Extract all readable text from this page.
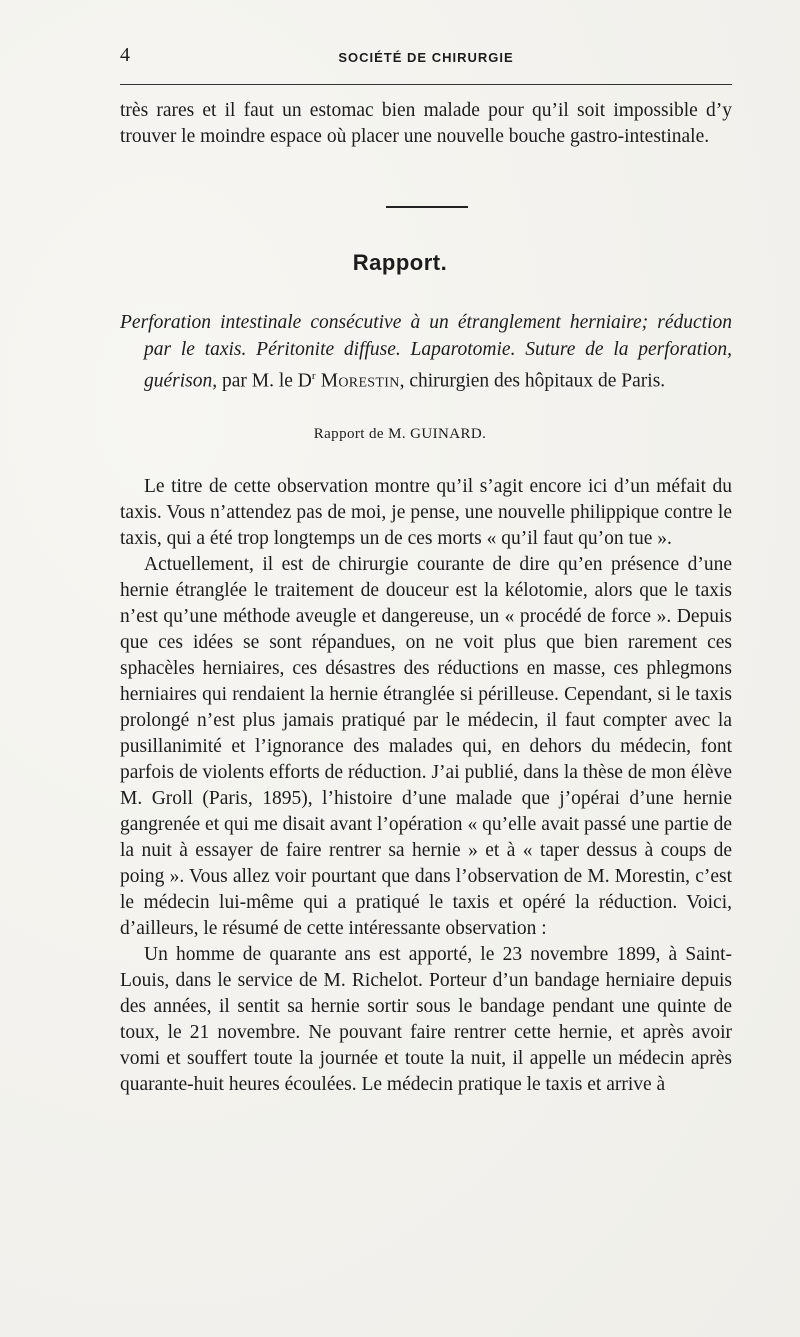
4	SOCIÉTÉ DE CHIRURGIE

très rares et il faut un estomac bien malade pour qu’il soit impossible d’y trouver le moindre espace où placer une nouvelle bouche gastro-intestinale.

Rapport.
Perforation intestinale consécutive à un étranglement herniaire; réduction par le taxis. Péritonite diffuse. Laparotomie. Suture de la perforation, guérison, par M. le $D^r$ Morestin, chirurgien des hôpitaux de Paris.
Rapport de M. GUINARD.

Le titre de cette observation montre qu’il s’agit encore ici d’un méfait du taxis. Vous n’attendez pas de moi, je pense, une nouvelle philippique contre le taxis, qui a été trop longtemps un de ces morts « qu’il faut qu’on tue ».

Actuellement, il est de chirurgie courante de dire qu’en présence d’une hernie étranglée le traitement de douceur est la kélotomie, alors que le taxis n’est qu’une méthode aveugle et dangereuse, un « procédé de force ». Depuis que ces idées se sont répandues, on ne voit plus que bien rarement ces sphacèles herniaires, ces désastres des réductions en masse, ces phlegmons herniaires qui rendaient la hernie étranglée si périlleuse. Cependant, si le taxis prolongé n’est plus jamais pratiqué par le médecin, il faut compter avec la pusillanimité et l’ignorance des malades qui, en dehors du médecin, font parfois de violents efforts de réduction. J’ai publié, dans la thèse de mon élève M. Groll (Paris, 1895), l’histoire d’une malade que j’opérai d’une hernie gangrenée et qui me disait avant l’opération « qu’elle avait passé une partie de la nuit à essayer de faire rentrer sa hernie » et à « taper dessus à coups de poing ». Vous allez voir pourtant que dans l’observation de M. Morestin, c’est le médecin lui-même qui a pratiqué le taxis et opéré la réduction. Voici, d’ailleurs, le résumé de cette intéressante observation :

Un homme de quarante ans est apporté, le 23 novembre 1899, à Saint-Louis, dans le service de M. Richelot. Porteur d’un bandage herniaire depuis des années, il sentit sa hernie sortir sous le bandage pendant une quinte de toux, le 21 novembre. Ne pouvant faire rentrer cette hernie, et après avoir vomi et souffert toute la journée et toute la nuit, il appelle un médecin après quarante-huit heures écoulées. Le médecin pratique le taxis et arrive à
